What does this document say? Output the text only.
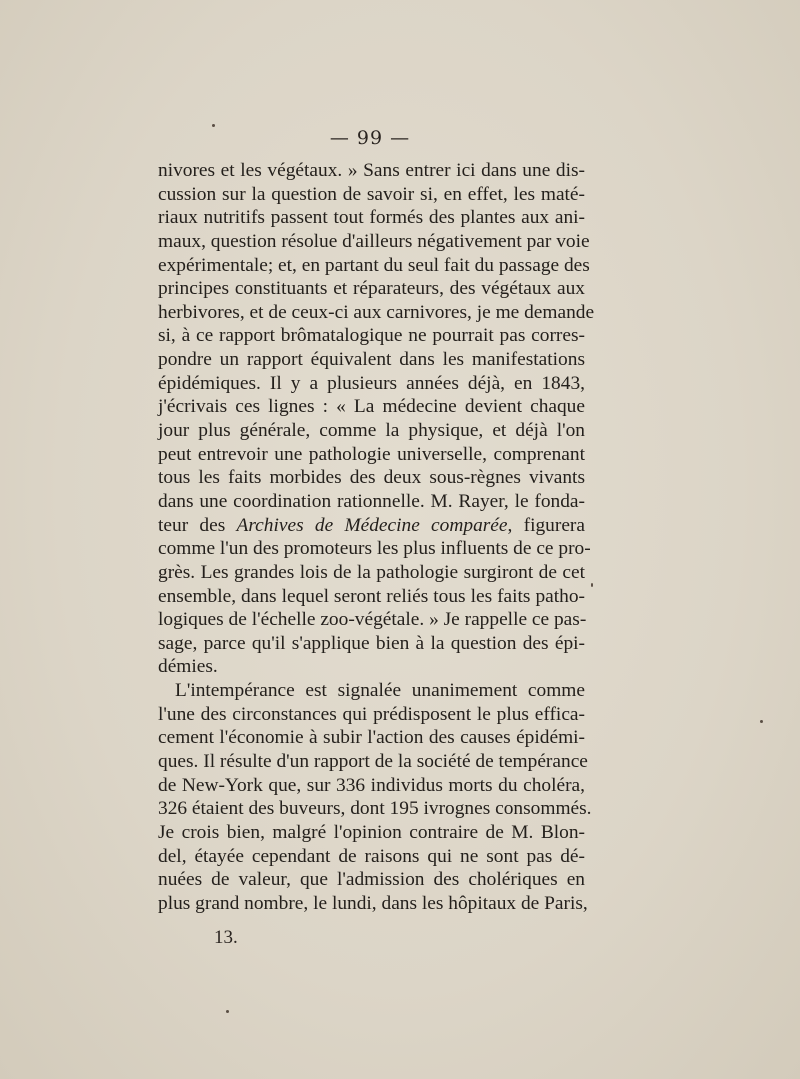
— 99 —
nivores et les végétaux. » Sans entrer ici dans une dis-
cussion sur la question de savoir si, en effet, les maté-
riaux nutritifs passent tout formés des plantes aux ani-
maux, question résolue d'ailleurs négativement par voie
expérimentale; et, en partant du seul fait du passage des
principes constituants et réparateurs, des végétaux aux
herbivores, et de ceux-ci aux carnivores, je me demande
si, à ce rapport brômatalogique ne pourrait pas corres-
pondre un rapport équivalent dans les manifestations
épidémiques. Il y a plusieurs années déjà, en 1843,
j'écrivais ces lignes : « La médecine devient chaque
jour plus générale, comme la physique, et déjà l'on
peut entrevoir une pathologie universelle, comprenant
tous les faits morbides des deux sous-règnes vivants
dans une coordination rationnelle. M. Rayer, le fonda-
teur des Archives de Médecine comparée, figurera
comme l'un des promoteurs les plus influents de ce pro-
grès. Les grandes lois de la pathologie surgiront de cet
ensemble, dans lequel seront reliés tous les faits patho-
logiques de l'échelle zoo-végétale. » Je rappelle ce pas-
sage, parce qu'il s'applique bien à la question des épi-
démies.
L'intempérance est signalée unanimement comme
l'une des circonstances qui prédisposent le plus effica-
cement l'économie à subir l'action des causes épidémi-
ques. Il résulte d'un rapport de la société de tempérance
de New-York que, sur 336 individus morts du choléra,
326 étaient des buveurs, dont 195 ivrognes consommés.
Je crois bien, malgré l'opinion contraire de M. Blon-
del, étayée cependant de raisons qui ne sont pas dé-
nuées de valeur, que l'admission des cholériques en
plus grand nombre, le lundi, dans les hôpitaux de Paris,
13.
